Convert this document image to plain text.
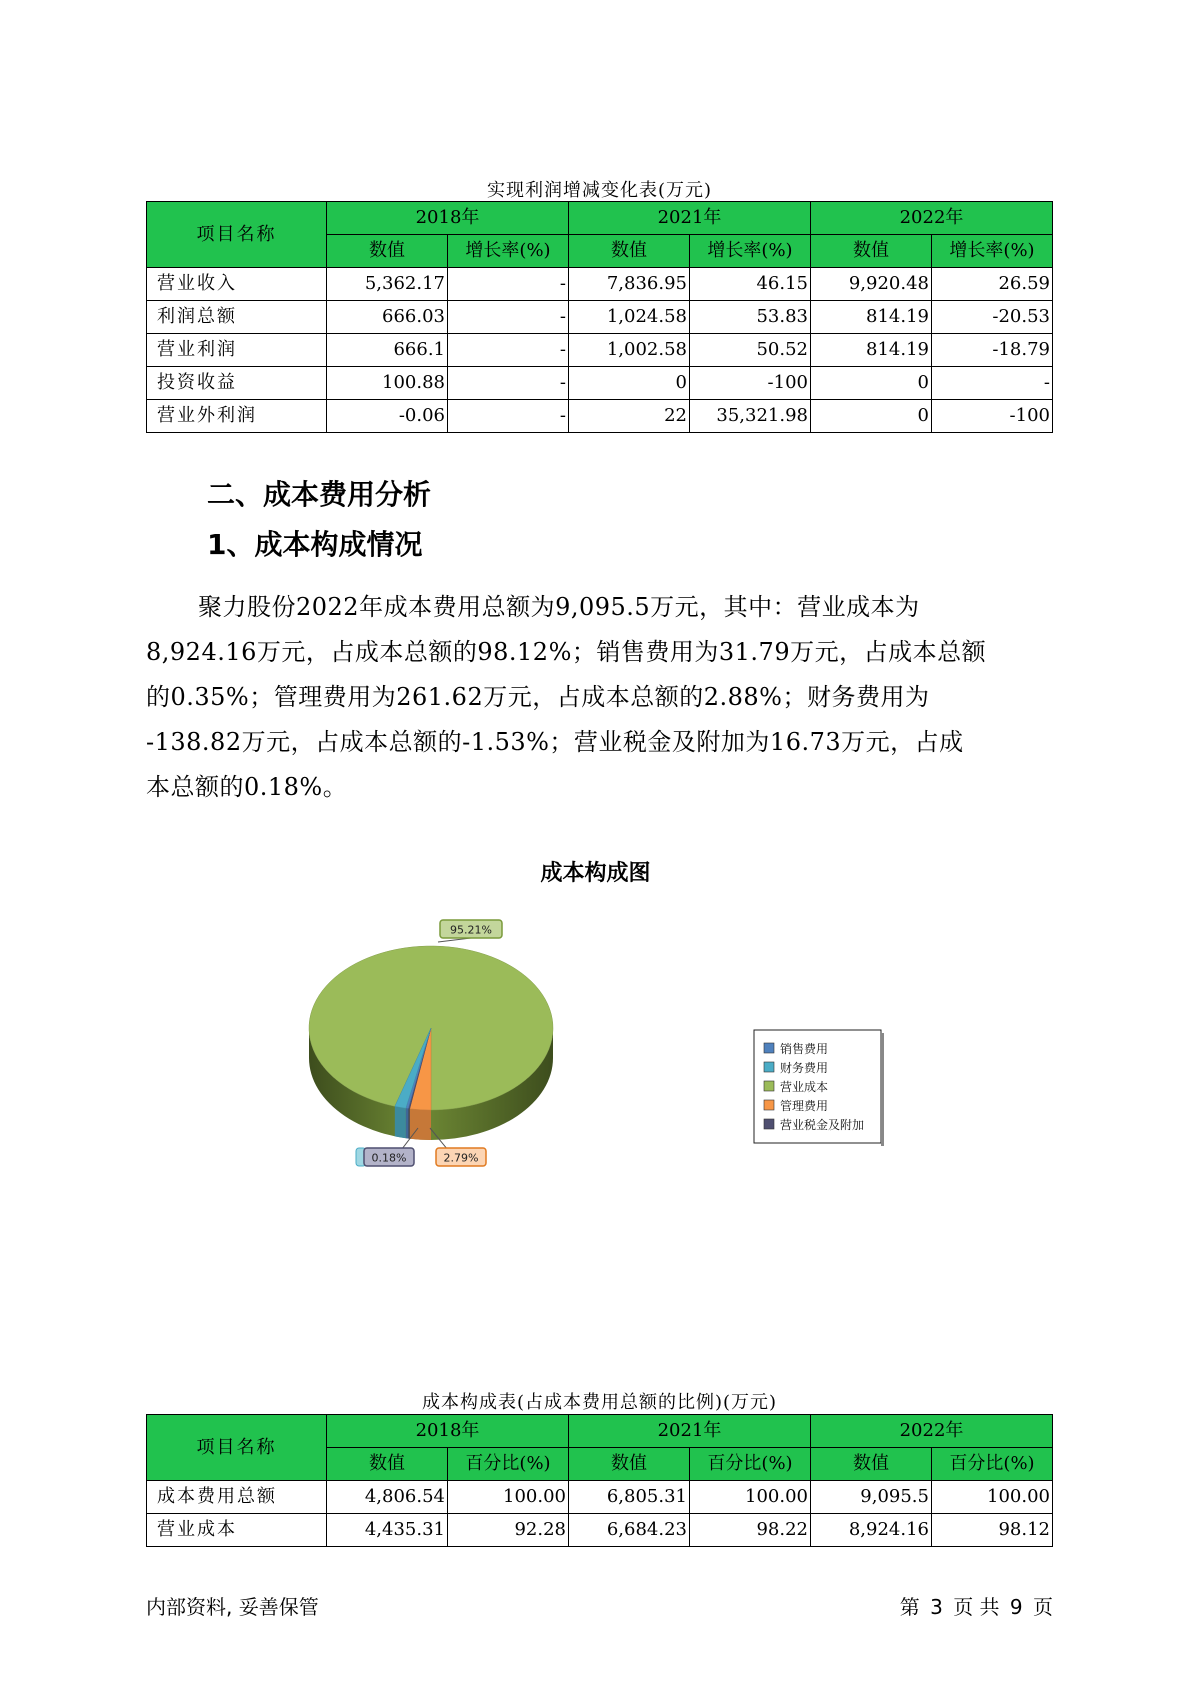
实现利润增减变化表(万元)
项目名称	2018年		2021年		2022年	
	数值	增长率(%)	数值	增长率(%)	数值	增长率(%)
营业收入	5,362.17	-	7,836.95	46.15	9,920.48	26.59
利润总额	666.03	-	1,024.58	53.83	814.19	-20.53
营业利润	666.1	-	1,002.58	50.52	814.19	-18.79
投资收益	100.88	-	0	-100	0	-
营业外利润	-0.06	-	22	35,321.98	0	-100
二、成本费用分析
1、成本构成情况
聚力股份2022年成本费用总额为9,095.5万元，其中：营业成本为
8,924.16万元，占成本总额的98.12%；销售费用为31.79万元，占成本总额
的0.35%；管理费用为261.62万元，占成本总额的2.88%；财务费用为
-138.82万元，占成本总额的-1.53%；营业税金及附加为16.73万元，占成
本总额的0.18%。
成本构成图
95.21%
2.79%
0.18%
销售费用
财务费用
营业成本
管理费用
营业税金及附加
成本构成表(占成本费用总额的比例)(万元)
项目名称	2018年		2021年		2022年	
	数值	百分比(%)	数值	百分比(%)	数值	百分比(%)
成本费用总额	4,806.54	100.00	6,805.31	100.00	9,095.5	100.00
营业成本	4,435.31	92.28	6,684.23	98.22	8,924.16	98.12
内部资料, 妥善保管	第 3 页 共 9 页
